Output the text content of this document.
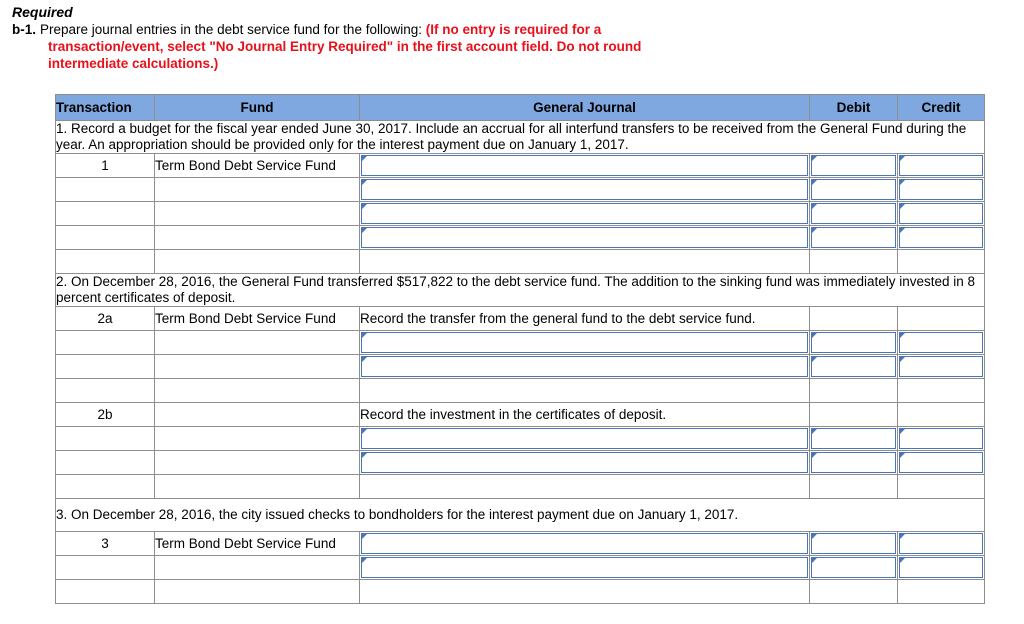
Required
b-1. Prepare journal entries in the debt service fund for the following: (If no entry is required for a
transaction/event, select "No Journal Entry Required" in the first account field. Do not round
intermediate calculations.)
Transaction	Fund	General Journal	Debit	Credit
1. Record a budget for the fiscal year ended June 30, 2017. Include an accrual for all interfund transfers to be received from the General Fund during the year. An appropriation should be provided only for the interest payment due on January 1, 2017.				
1	Term Bond Debt Service Fund	

2. On December 28, 2016, the General Fund transferred $517,822 to the debt service fund. The addition to the sinking fund was immediately invested in 8 percent certificates of deposit.				
2a	Term Bond Debt Service Fund	Record the transfer from the general fund to the debt service fund.		

2b		Record the investment in the certificates of deposit.		

3. On December 28, 2016, the city issued checks to bondholders for the interest payment due on January 1, 2017.				
3	Term Bond Debt Service Fund	
